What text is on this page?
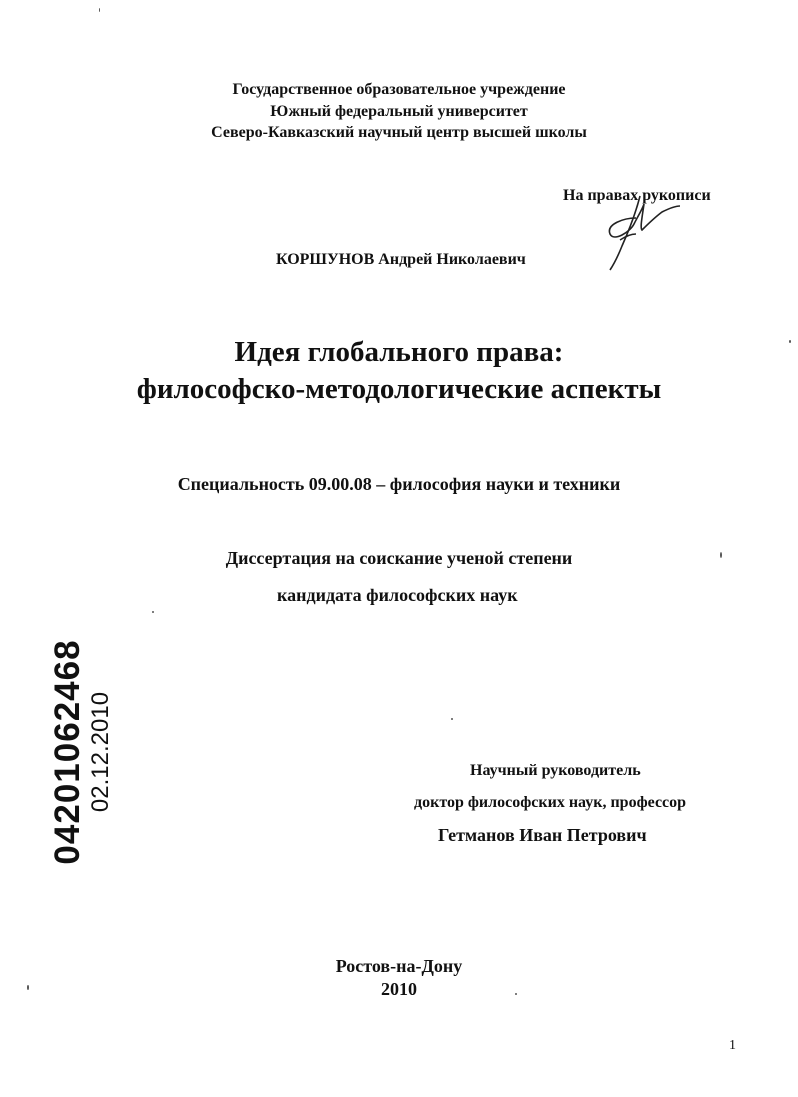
Государственное образовательное учреждение
Южный федеральный университет
Северо-Кавказский научный центр высшей школы
На правах рукописи
КОРШУНОВ Андрей Николаевич
Идея глобального права:
философско-методологические аспекты
Специальность 09.00.08 – философия науки и техники
Диссертация на соискание ученой степени
кандидата философских наук
04201062468 02.12.2010	Научный руководитель
доктор философских наук, профессор
Гетманов Иван Петрович
Ростов-на-Дону
2010
1
